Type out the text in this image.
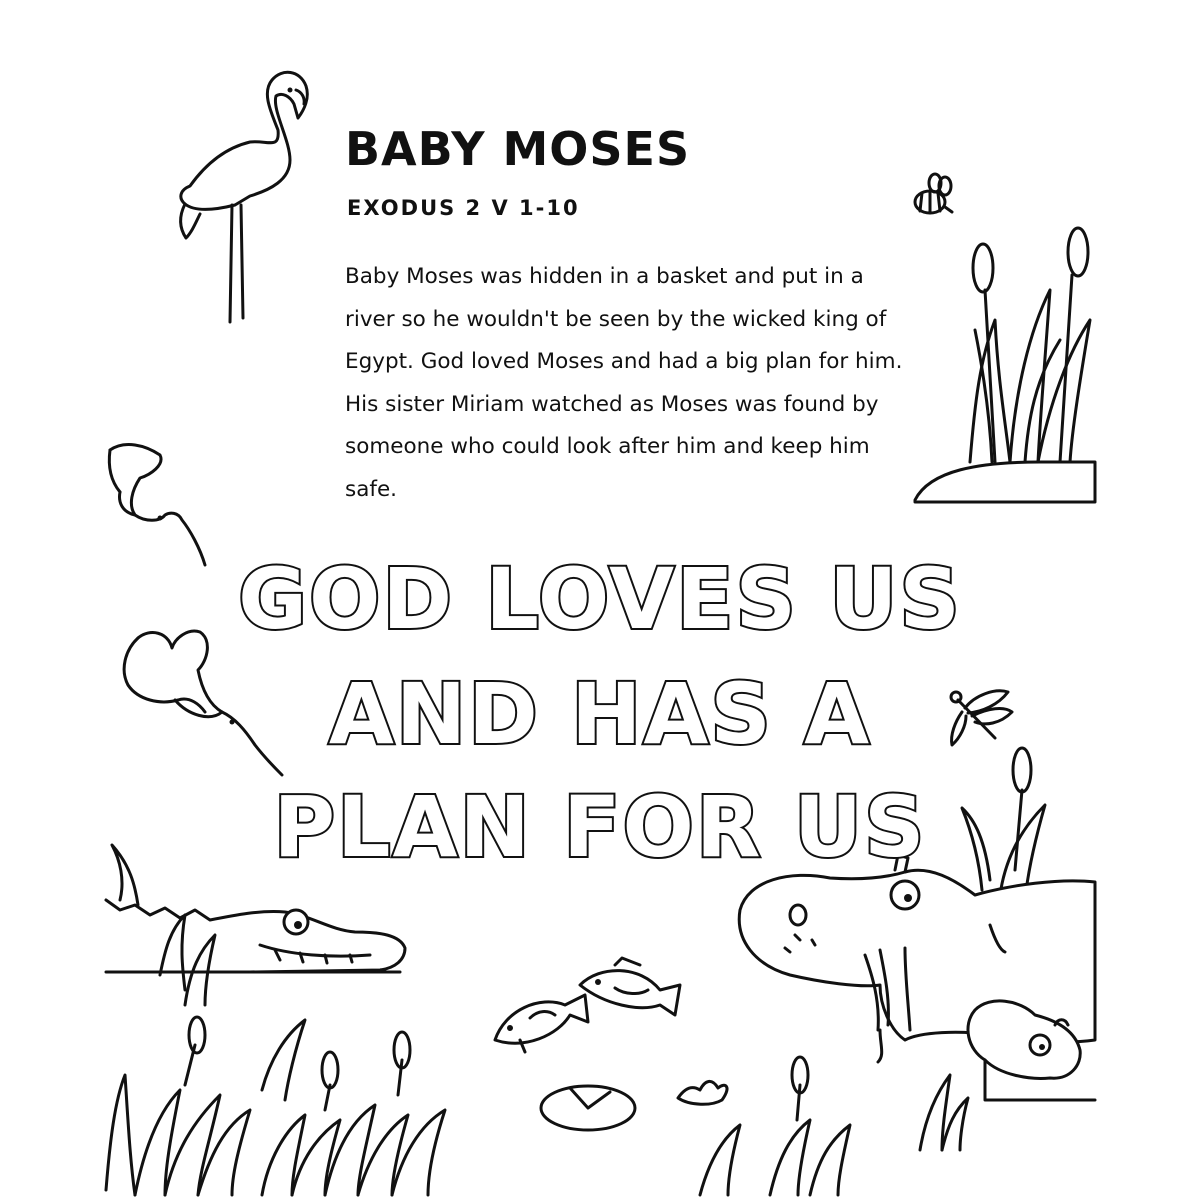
BABY MOSES
EXODUS 2 V 1-10

Baby Moses was hidden in a basket and put in a river so he wouldn't be seen by the wicked king of Egypt. God loved Moses and had a big plan for him. His sister Miriam watched as Moses was found by someone who could look after him and keep him safe.

GOD LOVES US
AND HAS A
PLAN FOR US
